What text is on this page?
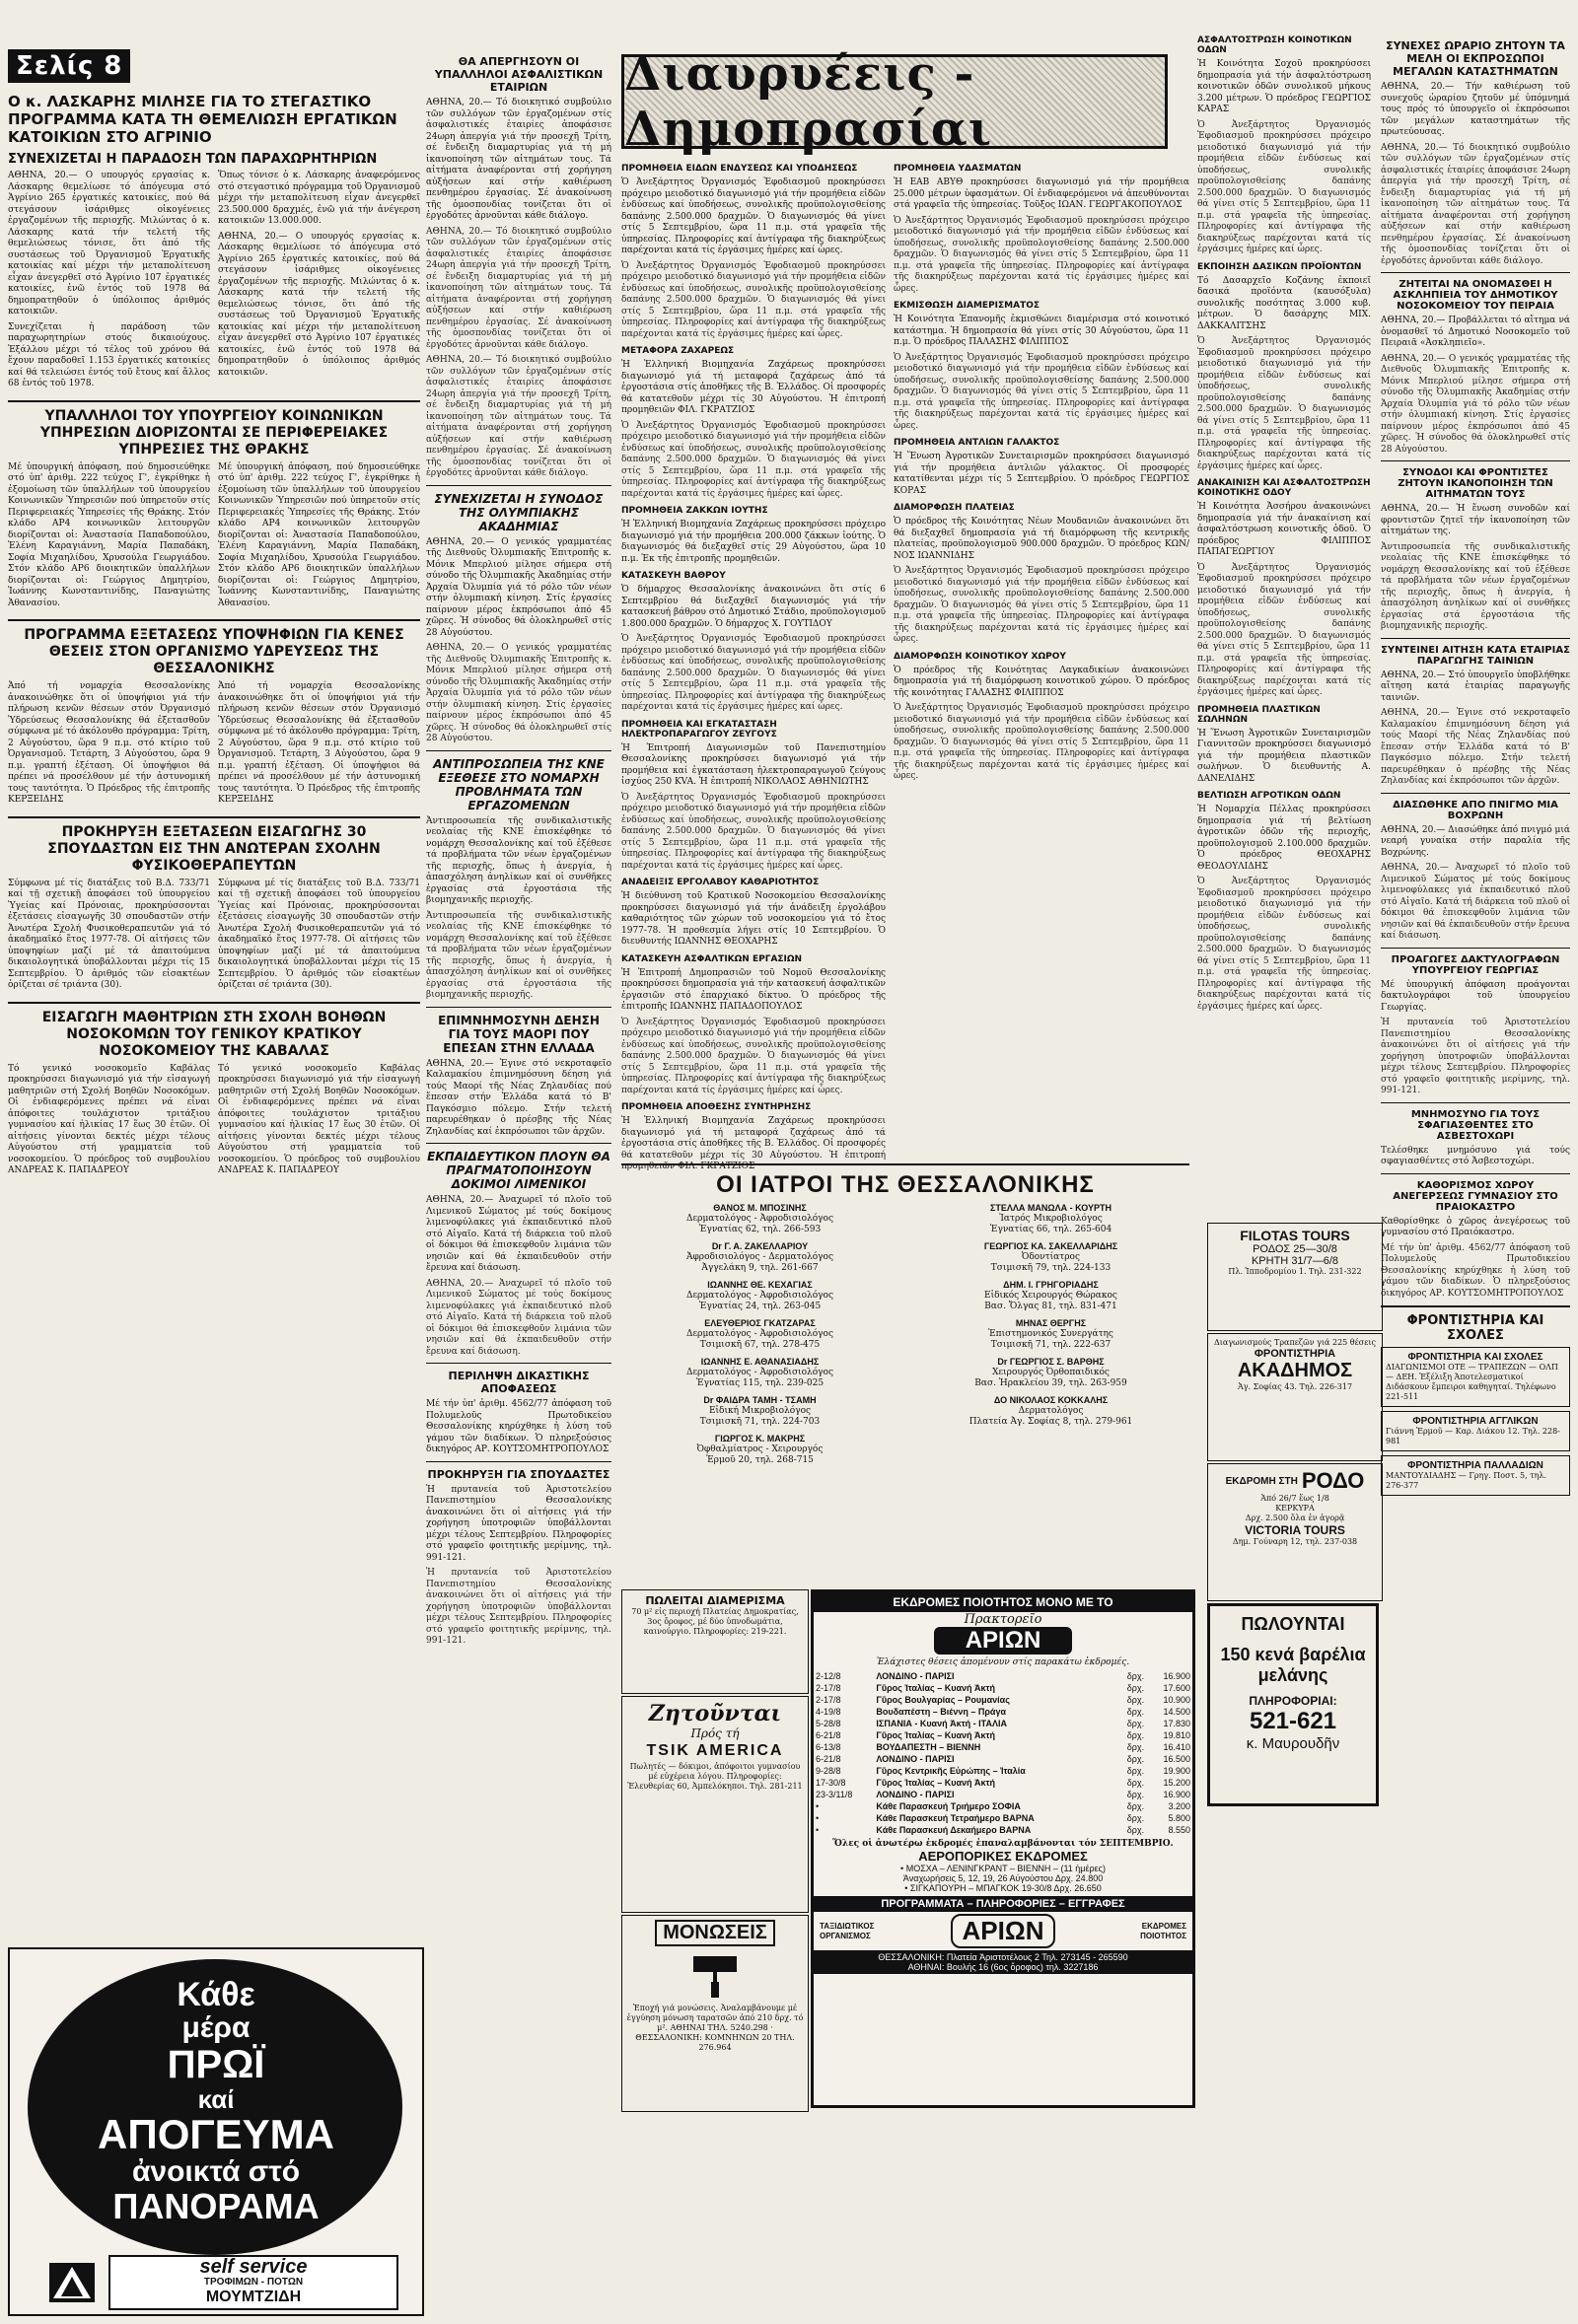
Σελίς 8
Ο κ. ΛΑΣΚΑΡΗΣ ΜΙΛΗΣΕ ΓΙΑ ΤΟ ΣΤΕΓΑΣΤΙΚΟ ΠΡΟΓΡΑΜΜΑ ΚΑΤΑ ΤΗ ΘΕΜΕΛΙΩΣΗ ΕΡΓΑΤΙΚΩΝ ΚΑΤΟΙΚΙΩΝ ΣΤΟ ΑΓΡΙΝΙΟ
ΣΥΝΕΧΙΖΕΤΑΙ Η ΠΑΡΑΔΟΣΗ ΤΩΝ ΠΑΡΑΧΩΡΗΤΗΡΙΩΝ

ΑΘΗΝΑ, 20.— Ο υπουργός εργασίας κ. Λάσκαρης θεμελίωσε τό ἀπόγευμα στό Ἀγρίνιο 265 ἐργατικές κατοικίες, πού θά στεγάσουν ἰσάριθμες οἰκογένειες ἐργαζομένων τῆς περιοχῆς. Μιλώντας ὁ κ. Λάσκαρης κατά τήν τελετή τῆς θεμελιώσεως τόνισε, ὅτι ἀπό τῆς συστάσεως τοῦ Ὀργανισμοῦ Ἐργατικῆς κατοικίας καί μέχρι τήν μεταπολίτευση εἶχαν ἀνεγερθεῖ στό Ἀγρίνιο 107 ἐργατικές κατοικίες, ἐνῶ ἐντός τοῦ 1978 θά δημοπρατηθοῦν ὁ ὑπόλοιπος ἀριθμός κατοικιῶν.

Συνεχίζεται ἡ παράδοση τῶν παραχωρητηρίων στούς δικαιούχους. Ἐξάλλου μέχρι τό τέλος τοῦ χρόνου θά ἔχουν παραδοθεῖ 1.153 ἐργατικές κατοικίες καί θά τελειώσει ἐντός τοῦ ἔτους καί ἄλλος 68 ἐντός τοῦ 1978.

Ὅπως τόνισε ὁ κ. Λάσκαρης ἀναφερόμενος στό στεγαστικό πρόγραμμα τοῦ Ὀργανισμοῦ μέχρι τήν μεταπολίτευση εἶχαν ἀνεγερθεῖ 23.500.000 δραχμές, ἐνῶ γιά τήν ἀνέγερση κατοικιῶν 13.000.000.

ΑΘΗΝΑ, 20.— Ο υπουργός εργασίας κ. Λάσκαρης θεμελίωσε τό ἀπόγευμα στό Ἀγρίνιο 265 ἐργατικές κατοικίες, πού θά στεγάσουν ἰσάριθμες οἰκογένειες ἐργαζομένων τῆς περιοχῆς. Μιλώντας ὁ κ. Λάσκαρης κατά τήν τελετή τῆς θεμελιώσεως τόνισε, ὅτι ἀπό τῆς συστάσεως τοῦ Ὀργανισμοῦ Ἐργατικῆς κατοικίας καί μέχρι τήν μεταπολίτευση εἶχαν ἀνεγερθεῖ στό Ἀγρίνιο 107 ἐργατικές κατοικίες, ἐνῶ ἐντός τοῦ 1978 θά δημοπρατηθοῦν ὁ ὑπόλοιπος ἀριθμός κατοικιῶν.

ΥΠΑΛΛΗΛΟΙ ΤΟΥ ΥΠΟΥΡΓΕΙΟΥ ΚΟΙΝΩΝΙΚΩΝ ΥΠΗΡΕΣΙΩΝ ΔΙΟΡΙΖΟΝΤΑΙ ΣΕ ΠΕΡΙΦΕΡΕΙΑΚΕΣ ΥΠΗΡΕΣΙΕΣ ΤΗΣ ΘΡΑΚΗΣ

Μέ ὑπουργική ἀπόφαση, πού δημοσιεύθηκε στό ὑπ' ἀριθμ. 222 τεύχος Γ', ἐγκρίθηκε ἡ ἐξομοίωση τῶν ὑπαλλήλων τοῦ ὑπουργείου Κοινωνικῶν Ὑπηρεσιῶν πού ὑπηρετοῦν στίς Περιφερειακές Ὑπηρεσίες τῆς Θράκης. Στόν κλάδο ΑΡ4 κοινωνικῶν λειτουργῶν διορίζονται οἱ: Ἀναστασία Παπαδοπούλου, Ἑλένη Καραγιάννη, Μαρία Παπαδάκη, Σοφία Μιχαηλίδου, Χρυσούλα Γεωργιάδου. Στόν κλάδο ΑΡ6 διοικητικῶν ὑπαλλήλων διορίζονται οἱ: Γεώργιος Δημητρίου, Ἰωάννης Κωνσταντινίδης, Παναγιώτης Ἀθανασίου.

Μέ ὑπουργική ἀπόφαση, πού δημοσιεύθηκε στό ὑπ' ἀριθμ. 222 τεύχος Γ', ἐγκρίθηκε ἡ ἐξομοίωση τῶν ὑπαλλήλων τοῦ ὑπουργείου Κοινωνικῶν Ὑπηρεσιῶν πού ὑπηρετοῦν στίς Περιφερειακές Ὑπηρεσίες τῆς Θράκης. Στόν κλάδο ΑΡ4 κοινωνικῶν λειτουργῶν διορίζονται οἱ: Ἀναστασία Παπαδοπούλου, Ἑλένη Καραγιάννη, Μαρία Παπαδάκη, Σοφία Μιχαηλίδου, Χρυσούλα Γεωργιάδου. Στόν κλάδο ΑΡ6 διοικητικῶν ὑπαλλήλων διορίζονται οἱ: Γεώργιος Δημητρίου, Ἰωάννης Κωνσταντινίδης, Παναγιώτης Ἀθανασίου.

ΠΡΟΓΡΑΜΜΑ ΕΞΕΤΑΣΕΩΣ ΥΠΟΨΗΦΙΩΝ ΓΙΑ ΚΕΝΕΣ ΘΕΣΕΙΣ ΣΤΟΝ ΟΡΓΑΝΙΣΜΟ ΥΔΡΕΥΣΕΩΣ ΤΗΣ ΘΕΣΣΑΛΟΝΙΚΗΣ

Ἀπό τή νομαρχία Θεσσαλονίκης ἀνακοινώθηκε ὅτι οἱ ὑποψήφιοι γιά τήν πλήρωση κενῶν θέσεων στόν Ὀργανισμό Ὑδρεύσεως Θεσσαλονίκης θά ἐξετασθοῦν σύμφωνα μέ τό ἀκόλουθο πρόγραμμα: Τρίτη, 2 Αὐγούστου, ὥρα 9 π.μ. στό κτίριο τοῦ Ὀργανισμοῦ. Τετάρτη, 3 Αὐγούστου, ὥρα 9 π.μ. γραπτή ἐξέταση. Οἱ ὑποψήφιοι θά πρέπει νά προσέλθουν μέ τήν ἀστυνομική τους ταυτότητα. Ὁ Πρόεδρος τῆς ἐπιτροπῆς ΚΕΡΞΕΙΔΗΣ

Ἀπό τή νομαρχία Θεσσαλονίκης ἀνακοινώθηκε ὅτι οἱ ὑποψήφιοι γιά τήν πλήρωση κενῶν θέσεων στόν Ὀργανισμό Ὑδρεύσεως Θεσσαλονίκης θά ἐξετασθοῦν σύμφωνα μέ τό ἀκόλουθο πρόγραμμα: Τρίτη, 2 Αὐγούστου, ὥρα 9 π.μ. στό κτίριο τοῦ Ὀργανισμοῦ. Τετάρτη, 3 Αὐγούστου, ὥρα 9 π.μ. γραπτή ἐξέταση. Οἱ ὑποψήφιοι θά πρέπει νά προσέλθουν μέ τήν ἀστυνομική τους ταυτότητα. Ὁ Πρόεδρος τῆς ἐπιτροπῆς ΚΕΡΞΕΙΔΗΣ

ΠΡΟΚΗΡΥΞΗ ΕΞΕΤΑΣΕΩΝ ΕΙΣΑΓΩΓΗΣ 30 ΣΠΟΥΔΑΣΤΩΝ ΕΙΣ ΤΗΝ ΑΝΩΤΕΡΑΝ ΣΧΟΛΗΝ ΦΥΣΙΚΟΘΕΡΑΠΕΥΤΩΝ

Σύμφωνα μέ τίς διατάξεις τοῦ Β.Δ. 733/71 καί τῇ σχετικῇ ἀποφάσει τοῦ ὑπουργείου Ὑγείας καί Πρόνοιας, προκηρύσσονται ἐξετάσεις εἰσαγωγῆς 30 σπουδαστῶν στήν Ἀνωτέρα Σχολή Φυσικοθεραπευτῶν γιά τό ἀκαδημαϊκό ἔτος 1977-78. Οἱ αἰτήσεις τῶν ὑποψηφίων μαζί μέ τά ἀπαιτούμενα δικαιολογητικά ὑποβάλλονται μέχρι τίς 15 Σεπτεμβρίου. Ὁ ἀριθμός τῶν εἰσακτέων ὁρίζεται σέ τριάντα (30).

Σύμφωνα μέ τίς διατάξεις τοῦ Β.Δ. 733/71 καί τῇ σχετικῇ ἀποφάσει τοῦ ὑπουργείου Ὑγείας καί Πρόνοιας, προκηρύσσονται ἐξετάσεις εἰσαγωγῆς 30 σπουδαστῶν στήν Ἀνωτέρα Σχολή Φυσικοθεραπευτῶν γιά τό ἀκαδημαϊκό ἔτος 1977-78. Οἱ αἰτήσεις τῶν ὑποψηφίων μαζί μέ τά ἀπαιτούμενα δικαιολογητικά ὑποβάλλονται μέχρι τίς 15 Σεπτεμβρίου. Ὁ ἀριθμός τῶν εἰσακτέων ὁρίζεται σέ τριάντα (30).

ΕΙΣΑΓΩΓΗ ΜΑΘΗΤΡΙΩΝ ΣΤΗ ΣΧΟΛΗ ΒΟΗΘΩΝ ΝΟΣΟΚΟΜΩΝ ΤΟΥ ΓΕΝΙΚΟΥ ΚΡΑΤΙΚΟΥ ΝΟΣΟΚΟΜΕΙΟΥ ΤΗΣ ΚΑΒΑΛΑΣ

Τό γενικό νοσοκομεῖο Καβάλας προκηρύσσει διαγωνισμό γιά τήν εἰσαγωγή μαθητριῶν στή Σχολή Βοηθῶν Νοσοκόμων. Οἱ ἐνδιαφερόμενες πρέπει νά εἶναι ἀπόφοιτες τουλάχιστον τριτάξιου γυμνασίου καί ἡλικίας 17 ἕως 30 ἐτῶν. Οἱ αἰτήσεις γίνονται δεκτές μέχρι τέλους Αὐγούστου στή γραμματεία τοῦ νοσοκομείου. Ὁ πρόεδρος τοῦ συμβουλίου ΑΝΔΡΕΑΣ Κ. ΠΑΠΑΔΡΕΟΥ

Τό γενικό νοσοκομεῖο Καβάλας προκηρύσσει διαγωνισμό γιά τήν εἰσαγωγή μαθητριῶν στή Σχολή Βοηθῶν Νοσοκόμων. Οἱ ἐνδιαφερόμενες πρέπει νά εἶναι ἀπόφοιτες τουλάχιστον τριτάξιου γυμνασίου καί ἡλικίας 17 ἕως 30 ἐτῶν. Οἱ αἰτήσεις γίνονται δεκτές μέχρι τέλους Αὐγούστου στή γραμματεία τοῦ νοσοκομείου. Ὁ πρόεδρος τοῦ συμβουλίου ΑΝΔΡΕΑΣ Κ. ΠΑΠΑΔΡΕΟΥ

Κάθε
μέρα
ΠΡΩΪ
καί
ΑΠΟΓΕΥΜΑ
ἀνοικτά στό
ΠΑΝΟΡΑΜΑ
self service
ΤΡΟΦΙΜΩΝ - ΠΟΤΩΝ
ΜΟΥΜΤΖΙΔΗ
ΘΑ ΑΠΕΡΓΗΣΟΥΝ ΟΙ ΥΠΑΛΛΗΛΟΙ ΑΣΦΑΛΙΣΤΙΚΩΝ ΕΤΑΙΡΙΩΝ

ΑΘΗΝΑ, 20.— Τό διοικητικό συμβούλιο τῶν συλλόγων τῶν ἐργαζομένων στίς ἀσφαλιστικές ἑταιρίες ἀποφάσισε 24ωρη ἀπεργία γιά τήν προσεχῆ Τρίτη, σέ ἔνδειξη διαμαρτυρίας γιά τή μή ἱκανοποίηση τῶν αἰτημάτων τους. Τά αἰτήματα ἀναφέρονται στή χορήγηση αὐξήσεων καί στήν καθιέρωση πενθημέρου ἐργασίας. Σέ ἀνακοίνωση τῆς ὁμοσπονδίας τονίζεται ὅτι οἱ ἐργοδότες ἀρνοῦνται κάθε διάλογο.

ΑΘΗΝΑ, 20.— Τό διοικητικό συμβούλιο τῶν συλλόγων τῶν ἐργαζομένων στίς ἀσφαλιστικές ἑταιρίες ἀποφάσισε 24ωρη ἀπεργία γιά τήν προσεχῆ Τρίτη, σέ ἔνδειξη διαμαρτυρίας γιά τή μή ἱκανοποίηση τῶν αἰτημάτων τους. Τά αἰτήματα ἀναφέρονται στή χορήγηση αὐξήσεων καί στήν καθιέρωση πενθημέρου ἐργασίας. Σέ ἀνακοίνωση τῆς ὁμοσπονδίας τονίζεται ὅτι οἱ ἐργοδότες ἀρνοῦνται κάθε διάλογο.

ΑΘΗΝΑ, 20.— Τό διοικητικό συμβούλιο τῶν συλλόγων τῶν ἐργαζομένων στίς ἀσφαλιστικές ἑταιρίες ἀποφάσισε 24ωρη ἀπεργία γιά τήν προσεχῆ Τρίτη, σέ ἔνδειξη διαμαρτυρίας γιά τή μή ἱκανοποίηση τῶν αἰτημάτων τους. Τά αἰτήματα ἀναφέρονται στή χορήγηση αὐξήσεων καί στήν καθιέρωση πενθημέρου ἐργασίας. Σέ ἀνακοίνωση τῆς ὁμοσπονδίας τονίζεται ὅτι οἱ ἐργοδότες ἀρνοῦνται κάθε διάλογο.

ΣΥΝΕΧΙΖΕΤΑΙ Η ΣΥΝΟΔΟΣ ΤΗΣ ΟΛΥΜΠΙΑΚΗΣ ΑΚΑΔΗΜΙΑΣ

ΑΘΗΝΑ, 20.— Ο γενικός γραμματέας τῆς Διεθνοῦς Ὀλυμπιακῆς Ἐπιτροπῆς κ. Μόνικ Μπερλιού μίλησε σήμερα στή σύνοδο τῆς Ὀλυμπιακῆς Ἀκαδημίας στήν Ἀρχαία Ὀλυμπία γιά τό ρόλο τῶν νέων στήν ὀλυμπιακή κίνηση. Στίς ἐργασίες παίρνουν μέρος ἐκπρόσωποι ἀπό 45 χῶρες. Ἡ σύνοδος θά ὁλοκληρωθεῖ στίς 28 Αὐγούστου.

ΑΘΗΝΑ, 20.— Ο γενικός γραμματέας τῆς Διεθνοῦς Ὀλυμπιακῆς Ἐπιτροπῆς κ. Μόνικ Μπερλιού μίλησε σήμερα στή σύνοδο τῆς Ὀλυμπιακῆς Ἀκαδημίας στήν Ἀρχαία Ὀλυμπία γιά τό ρόλο τῶν νέων στήν ὀλυμπιακή κίνηση. Στίς ἐργασίες παίρνουν μέρος ἐκπρόσωποι ἀπό 45 χῶρες. Ἡ σύνοδος θά ὁλοκληρωθεῖ στίς 28 Αὐγούστου.

ΑΝΤΙΠΡΟΣΩΠΕΙΑ ΤΗΣ ΚΝΕ ΕΞΕΘΕΣΕ ΣΤΟ ΝΟΜΑΡΧΗ ΠΡΟΒΛΗΜΑΤΑ ΤΩΝ ΕΡΓΑΖΟΜΕΝΩΝ

Ἀντιπροσωπεία τῆς συνδικαλιστικῆς νεολαίας τῆς ΚΝΕ ἐπισκέφθηκε τό νομάρχη Θεσσαλονίκης καί τοῦ ἐξέθεσε τά προβλήματα τῶν νέων ἐργαζομένων τῆς περιοχῆς, ὅπως ἡ ἀνεργία, ἡ ἀπασχόληση ἀνηλίκων καί οἱ συνθῆκες ἐργασίας στά ἐργοστάσια τῆς βιομηχανικῆς περιοχῆς.

Ἀντιπροσωπεία τῆς συνδικαλιστικῆς νεολαίας τῆς ΚΝΕ ἐπισκέφθηκε τό νομάρχη Θεσσαλονίκης καί τοῦ ἐξέθεσε τά προβλήματα τῶν νέων ἐργαζομένων τῆς περιοχῆς, ὅπως ἡ ἀνεργία, ἡ ἀπασχόληση ἀνηλίκων καί οἱ συνθῆκες ἐργασίας στά ἐργοστάσια τῆς βιομηχανικῆς περιοχῆς.

ΕΠΙΜΝΗΜΟΣΥΝΗ ΔΕΗΣΗ ΓΙΑ ΤΟΥΣ ΜΑΟΡΙ ΠΟΥ ΕΠΕΣΑΝ ΣΤΗΝ ΕΛΛΑΔΑ

ΑΘΗΝΑ, 20.— Ἐγινε στό νεκροταφεῖο Καλαμακίου ἐπιμνημόσυνη δέηση γιά τούς Μαορί τῆς Νέας Ζηλανδίας πού ἔπεσαν στήν Ἑλλάδα κατά τό Β' Παγκόσμιο πόλεμο. Στήν τελετή παρευρέθηκαν ὁ πρέσβης τῆς Νέας Ζηλανδίας καί ἐκπρόσωποι τῶν ἀρχῶν.

ΕΚΠΑΙΔΕΥΤΙΚΟΝ ΠΛΟΥΝ ΘΑ ΠΡΑΓΜΑΤΟΠΟΙΗΣΟΥΝ ΔΟΚΙΜΟΙ ΛΙΜΕΝΙΚΟΙ

ΑΘΗΝΑ, 20.— Ἀναχωρεῖ τό πλοῖο τοῦ Λιμενικοῦ Σώματος μέ τούς δοκίμους λιμενοφύλακες γιά ἐκπαιδευτικό πλοῦ στό Αἰγαῖο. Κατά τή διάρκεια τοῦ πλοῦ οἱ δόκιμοι θά ἐπισκεφθοῦν λιμάνια τῶν νησιῶν καί θά ἐκπαιδευθοῦν στήν ἔρευνα καί διάσωση.

ΑΘΗΝΑ, 20.— Ἀναχωρεῖ τό πλοῖο τοῦ Λιμενικοῦ Σώματος μέ τούς δοκίμους λιμενοφύλακες γιά ἐκπαιδευτικό πλοῦ στό Αἰγαῖο. Κατά τή διάρκεια τοῦ πλοῦ οἱ δόκιμοι θά ἐπισκεφθοῦν λιμάνια τῶν νησιῶν καί θά ἐκπαιδευθοῦν στήν ἔρευνα καί διάσωση.

ΠΕΡΙΛΗΨΗ ΔΙΚΑΣΤΙΚΗΣ ΑΠΟΦΑΣΕΩΣ

Μέ τήν ὑπ' ἀριθμ. 4562/77 ἀπόφαση τοῦ Πολυμελοῦς Πρωτοδικείου Θεσσαλονίκης κηρύχθηκε ἡ λύση τοῦ γάμου τῶν διαδίκων. Ὁ πληρεξούσιος δικηγόρος ΑΡ. ΚΟΥΤΣΟΜΗΤΡΟΠΟΥΛΟΣ

ΠΡΟΚΗΡΥΞΗ ΓΙΑ ΣΠΟΥΔΑΣΤΕΣ

Ἡ πρυτανεία τοῦ Ἀριστοτελείου Πανεπιστημίου Θεσσαλονίκης ἀνακοινώνει ὅτι οἱ αἰτήσεις γιά τήν χορήγηση ὑποτροφιῶν ὑποβάλλονται μέχρι τέλους Σεπτεμβρίου. Πληροφορίες στό γραφεῖο φοιτητικῆς μερίμνης, τηλ. 991-121.

Ἡ πρυτανεία τοῦ Ἀριστοτελείου Πανεπιστημίου Θεσσαλονίκης ἀνακοινώνει ὅτι οἱ αἰτήσεις γιά τήν χορήγηση ὑποτροφιῶν ὑποβάλλονται μέχρι τέλους Σεπτεμβρίου. Πληροφορίες στό γραφεῖο φοιτητικῆς μερίμνης, τηλ. 991-121.

Διαυρυέεις - Δημοπρασίαι
ΠΡΟΜΗΘΕΙΑ ΕΙΔΩΝ ΕΝΔΥΣΕΩΣ ΚΑΙ ΥΠΟΔΗΣΕΩΣ

Ὁ Ἀνεξάρτητος Ὀργανισμός Ἐφοδιασμοῦ προκηρύσσει πρόχειρο μειοδοτικό διαγωνισμό γιά τήν προμήθεια εἰδῶν ἐνδύσεως καί ὑποδήσεως, συνολικῆς προϋπολογισθείσης δαπάνης 2.500.000 δραχμῶν. Ὁ διαγωνισμός θά γίνει στίς 5 Σεπτεμβρίου, ὥρα 11 π.μ. στά γραφεῖα τῆς ὑπηρεσίας. Πληροφορίες καί ἀντίγραφα τῆς διακηρύξεως παρέχονται κατά τίς ἐργάσιμες ἡμέρες καί ὧρες.

Ὁ Ἀνεξάρτητος Ὀργανισμός Ἐφοδιασμοῦ προκηρύσσει πρόχειρο μειοδοτικό διαγωνισμό γιά τήν προμήθεια εἰδῶν ἐνδύσεως καί ὑποδήσεως, συνολικῆς προϋπολογισθείσης δαπάνης 2.500.000 δραχμῶν. Ὁ διαγωνισμός θά γίνει στίς 5 Σεπτεμβρίου, ὥρα 11 π.μ. στά γραφεῖα τῆς ὑπηρεσίας. Πληροφορίες καί ἀντίγραφα τῆς διακηρύξεως παρέχονται κατά τίς ἐργάσιμες ἡμέρες καί ὧρες.

ΜΕΤΑΦΟΡΑ ΖΑΧΑΡΕΩΣ

Ἡ Ἑλληνική Βιομηχανία Ζαχάρεως προκηρύσσει διαγωνισμό γιά τή μεταφορά ζαχάρεως ἀπό τά ἐργοστάσια στίς ἀποθῆκες τῆς Β. Ἑλλάδος. Οἱ προσφορές θά κατατεθοῦν μέχρι τίς 30 Αὐγούστου. Ἡ ἐπιτροπή προμηθειῶν ΦΙΛ. ΓΚΡΑΤΖΙΟΣ

Ὁ Ἀνεξάρτητος Ὀργανισμός Ἐφοδιασμοῦ προκηρύσσει πρόχειρο μειοδοτικό διαγωνισμό γιά τήν προμήθεια εἰδῶν ἐνδύσεως καί ὑποδήσεως, συνολικῆς προϋπολογισθείσης δαπάνης 2.500.000 δραχμῶν. Ὁ διαγωνισμός θά γίνει στίς 5 Σεπτεμβρίου, ὥρα 11 π.μ. στά γραφεῖα τῆς ὑπηρεσίας. Πληροφορίες καί ἀντίγραφα τῆς διακηρύξεως παρέχονται κατά τίς ἐργάσιμες ἡμέρες καί ὧρες.

ΠΡΟΜΗΘΕΙΑ ΖΑΚΚΩΝ ΙΟΥΤΗΣ

Ἡ Ἑλληνική Βιομηχανία Ζαχάρεως προκηρύσσει πρόχειρο διαγωνισμό γιά τήν προμήθεια 200.000 ζάκκων ἰούτης. Ὁ διαγωνισμός θά διεξαχθεῖ στίς 29 Αὐγούστου, ὥρα 10 π.μ. Ἐκ τῆς ἐπιτροπῆς προμηθειῶν.

ΚΑΤΑΣΚΕΥΗ ΒΑΘΡΟΥ

Ὁ δήμαρχος Θεσσαλονίκης ἀνακοινώνει ὅτι στίς 6 Σεπτεμβρίου θά διεξαχθεῖ διαγωνισμός γιά τήν κατασκευή βάθρου στό Δημοτικό Στάδιο, προϋπολογισμοῦ 1.800.000 δραχμῶν. Ὁ δήμαρχος Χ. ΓΟΥΤΙΔΟΥ

Ὁ Ἀνεξάρτητος Ὀργανισμός Ἐφοδιασμοῦ προκηρύσσει πρόχειρο μειοδοτικό διαγωνισμό γιά τήν προμήθεια εἰδῶν ἐνδύσεως καί ὑποδήσεως, συνολικῆς προϋπολογισθείσης δαπάνης 2.500.000 δραχμῶν. Ὁ διαγωνισμός θά γίνει στίς 5 Σεπτεμβρίου, ὥρα 11 π.μ. στά γραφεῖα τῆς ὑπηρεσίας. Πληροφορίες καί ἀντίγραφα τῆς διακηρύξεως παρέχονται κατά τίς ἐργάσιμες ἡμέρες καί ὧρες.

ΠΡΟΜΗΘΕΙΑ ΚΑΙ ΕΓΚΑΤΑΣΤΑΣΗ ΗΛΕΚΤΡΟΠΑΡΑΓΩΓΟΥ ΖΕΥΓΟΥΣ

Ἡ Ἐπιτροπή Διαγωνισμῶν τοῦ Πανεπιστημίου Θεσσαλονίκης προκηρύσσει διαγωνισμό γιά τήν προμήθεια καί ἐγκατάσταση ἠλεκτροπαραγωγοῦ ζεύγους ἰσχύος 250 KVA. Ἡ ἐπιτροπή ΝΙΚΟΛΑΟΣ ΑΘΗΝΙΩΤΗΣ

Ὁ Ἀνεξάρτητος Ὀργανισμός Ἐφοδιασμοῦ προκηρύσσει πρόχειρο μειοδοτικό διαγωνισμό γιά τήν προμήθεια εἰδῶν ἐνδύσεως καί ὑποδήσεως, συνολικῆς προϋπολογισθείσης δαπάνης 2.500.000 δραχμῶν. Ὁ διαγωνισμός θά γίνει στίς 5 Σεπτεμβρίου, ὥρα 11 π.μ. στά γραφεῖα τῆς ὑπηρεσίας. Πληροφορίες καί ἀντίγραφα τῆς διακηρύξεως παρέχονται κατά τίς ἐργάσιμες ἡμέρες καί ὧρες.

ΑΝΑΔΕΙΞΙΣ ΕΡΓΟΛΑΒΟΥ ΚΑΘΑΡΙΟΤΗΤΟΣ

Ἡ διεύθυνση τοῦ Κρατικοῦ Νοσοκομείου Θεσσαλονίκης προκηρύσσει διαγωνισμό γιά τήν ἀνάδειξη ἐργολάβου καθαριότητος τῶν χώρων τοῦ νοσοκομείου γιά τό ἔτος 1977-78. Ἡ προθεσμία λήγει στίς 10 Σεπτεμβρίου. Ὁ διευθυντής ΙΩΑΝΝΗΣ ΘΕΟΧΑΡΗΣ

ΚΑΤΑΣΚΕΥΗ ΑΣΦΑΛΤΙΚΩΝ ΕΡΓΑΣΙΩΝ

Ἡ Ἐπιτροπή Δημοπρασιῶν τοῦ Νομοῦ Θεσσαλονίκης προκηρύσσει δημοπρασία γιά τήν κατασκευή ἀσφαλτικῶν ἐργασιῶν στό ἐπαρχιακό δίκτυο. Ὁ πρόεδρος τῆς ἐπιτροπῆς ΙΩΑΝΝΗΣ ΠΑΠΑΔΟΠΟΥΛΟΣ

Ὁ Ἀνεξάρτητος Ὀργανισμός Ἐφοδιασμοῦ προκηρύσσει πρόχειρο μειοδοτικό διαγωνισμό γιά τήν προμήθεια εἰδῶν ἐνδύσεως καί ὑποδήσεως, συνολικῆς προϋπολογισθείσης δαπάνης 2.500.000 δραχμῶν. Ὁ διαγωνισμός θά γίνει στίς 5 Σεπτεμβρίου, ὥρα 11 π.μ. στά γραφεῖα τῆς ὑπηρεσίας. Πληροφορίες καί ἀντίγραφα τῆς διακηρύξεως παρέχονται κατά τίς ἐργάσιμες ἡμέρες καί ὧρες.

ΠΡΟΜΗΘΕΙΑ ΑΠΟΘΕΣΗΣ ΣΥΝΤΗΡΗΣΗΣ

Ἡ Ἑλληνική Βιομηχανία Ζαχάρεως προκηρύσσει διαγωνισμό γιά τή μεταφορά ζαχάρεως ἀπό τά ἐργοστάσια στίς ἀποθῆκες τῆς Β. Ἑλλάδος. Οἱ προσφορές θά κατατεθοῦν μέχρι τίς 30 Αὐγούστου. Ἡ ἐπιτροπή προμηθειῶν ΦΙΛ. ΓΚΡΑΤΖΙΟΣ

ΠΡΟΜΗΘΕΙΑ ΥΔΑΣΜΑΤΩΝ

Ἡ ΕΑΒ ΑΒΥΘ προκηρύσσει διαγωνισμό γιά τήν προμήθεια 25.000 μέτρων ὑφασμάτων. Οἱ ἐνδιαφερόμενοι νά ἀπευθύνονται στά γραφεῖα τῆς ὑπηρεσίας. Τοῦξος ΙΩΑΝ. ΓΕΩΡΓΑΚΟΠΟΥΛΟΣ

Ὁ Ἀνεξάρτητος Ὀργανισμός Ἐφοδιασμοῦ προκηρύσσει πρόχειρο μειοδοτικό διαγωνισμό γιά τήν προμήθεια εἰδῶν ἐνδύσεως καί ὑποδήσεως, συνολικῆς προϋπολογισθείσης δαπάνης 2.500.000 δραχμῶν. Ὁ διαγωνισμός θά γίνει στίς 5 Σεπτεμβρίου, ὥρα 11 π.μ. στά γραφεῖα τῆς ὑπηρεσίας. Πληροφορίες καί ἀντίγραφα τῆς διακηρύξεως παρέχονται κατά τίς ἐργάσιμες ἡμέρες καί ὧρες.

ΕΚΜΙΣΘΩΣΗ ΔΙΑΜΕΡΙΣΜΑΤΟΣ

Ἡ Κοινότητα Ἐπανομῆς ἐκμισθώνει διαμέρισμα στό κοινοτικό κατάστημα. Ἡ δημοπρασία θά γίνει στίς 30 Αὐγούστου, ὥρα 11 π.μ. Ὁ πρόεδρος ΠΑΛΑΣΗΣ ΦΙΛΙΠΠΟΣ

Ὁ Ἀνεξάρτητος Ὀργανισμός Ἐφοδιασμοῦ προκηρύσσει πρόχειρο μειοδοτικό διαγωνισμό γιά τήν προμήθεια εἰδῶν ἐνδύσεως καί ὑποδήσεως, συνολικῆς προϋπολογισθείσης δαπάνης 2.500.000 δραχμῶν. Ὁ διαγωνισμός θά γίνει στίς 5 Σεπτεμβρίου, ὥρα 11 π.μ. στά γραφεῖα τῆς ὑπηρεσίας. Πληροφορίες καί ἀντίγραφα τῆς διακηρύξεως παρέχονται κατά τίς ἐργάσιμες ἡμέρες καί ὧρες.

ΠΡΟΜΗΘΕΙΑ ΑΝΤΛΙΩΝ ΓΑΛΑΚΤΟΣ

Ἡ Ἕνωση Ἀγροτικῶν Συνεταιρισμῶν προκηρύσσει διαγωνισμό γιά τήν προμήθεια ἀντλιῶν γάλακτος. Οἱ προσφορές κατατίθενται μέχρι τίς 5 Σεπτεμβρίου. Ὁ πρόεδρος ΓΕΩΡΓΙΟΣ ΚΟΡΑΣ

ΔΙΑΜΟΡΦΩΣΗ ΠΛΑΤΕΙΑΣ

Ὁ πρόεδρος τῆς Κοινότητας Νέων Μουδανιῶν ἀνακοινώνει ὅτι θά διεξαχθεῖ δημοπρασία γιά τή διαμόρφωση τῆς κεντρικῆς πλατείας, προϋπολογισμοῦ 900.000 δραχμῶν. Ὁ πρόεδρος ΚΩΝ/ΝΟΣ ΙΩΑΝΝΙΔΗΣ

Ὁ Ἀνεξάρτητος Ὀργανισμός Ἐφοδιασμοῦ προκηρύσσει πρόχειρο μειοδοτικό διαγωνισμό γιά τήν προμήθεια εἰδῶν ἐνδύσεως καί ὑποδήσεως, συνολικῆς προϋπολογισθείσης δαπάνης 2.500.000 δραχμῶν. Ὁ διαγωνισμός θά γίνει στίς 5 Σεπτεμβρίου, ὥρα 11 π.μ. στά γραφεῖα τῆς ὑπηρεσίας. Πληροφορίες καί ἀντίγραφα τῆς διακηρύξεως παρέχονται κατά τίς ἐργάσιμες ἡμέρες καί ὧρες.

ΔΙΑΜΟΡΦΩΣΗ ΚΟΙΝΟΤΙΚΟΥ ΧΩΡΟΥ

Ὁ πρόεδρος τῆς Κοινότητας Λαγκαδικίων ἀνακοινώνει δημοπρασία γιά τή διαμόρφωση κοινοτικοῦ χώρου. Ὁ πρόεδρος τῆς κοινότητας ΓΑΛΑΣΗΣ ΦΙΛΙΠΠΟΣ

Ὁ Ἀνεξάρτητος Ὀργανισμός Ἐφοδιασμοῦ προκηρύσσει πρόχειρο μειοδοτικό διαγωνισμό γιά τήν προμήθεια εἰδῶν ἐνδύσεως καί ὑποδήσεως, συνολικῆς προϋπολογισθείσης δαπάνης 2.500.000 δραχμῶν. Ὁ διαγωνισμός θά γίνει στίς 5 Σεπτεμβρίου, ὥρα 11 π.μ. στά γραφεῖα τῆς ὑπηρεσίας. Πληροφορίες καί ἀντίγραφα τῆς διακηρύξεως παρέχονται κατά τίς ἐργάσιμες ἡμέρες καί ὧρες.

ΟΙ ΙΑΤΡΟΙ ΤΗΣ ΘΕΣΣΑΛΟΝΙΚΗΣ
ΘΑΝΟΣ Μ. ΜΠΟΣΙΝΗΣ
Δερματολόγος - Ἀφροδισιολόγος
Ἐγνατίας 62, τηλ. 266-593
Dr Γ. Α. ΖΑΚΕΛΛΑΡΙΟΥ
Ἀφροδισιολόγος - Δερματολόγος
Ἀγγελάκη 9, τηλ. 261-667
ΙΩΑΝΝΗΣ ΘΕ. ΚΕΧΑΓΙΑΣ
Δερματολόγος - Ἀφροδισιολόγος
Ἐγνατίας 24, τηλ. 263-045
ΕΛΕΥΘΕΡΙΟΣ ΓΚΑΤΖΑΡΑΣ
Δερματολόγος - Ἀφροδισιολόγος
Τσιμισκῆ 67, τηλ. 278-475
ΙΩΑΝΝΗΣ Ε. ΑΘΑΝΑΣΙΑΔΗΣ
Δερματολόγος - Ἀφροδισιολόγος
Ἐγνατίας 115, τηλ. 239-025
Dr ΦΑΙΔΡΑ ΤΑΜΗ - ΤΣΑΜΗ
Εἰδική Μικροβιολόγος
Τσιμισκῆ 71, τηλ. 224-703
ΓΙΩΡΓΟΣ Κ. ΜΑΚΡΗΣ
Ὀφθαλμίατρος - Χειρουργός
Ἑρμοῦ 20, τηλ. 268-715
ΣΤΕΛΛΑ ΜΑΝΩΛΑ - ΚΟΥΡΤΗ
Ἰατρός Μικροβιολόγος
Ἐγνατίας 66, τηλ. 265-604
ΓΕΩΡΓΙΟΣ ΚΑ. ΣΑΚΕΛΛΑΡΙΔΗΣ
Ὀδοντίατρος
Τσιμισκῆ 79, τηλ. 224-133
ΔΗΜ. Ι. ΓΡΗΓΟΡΙΑΔΗΣ
Εἰδικός Χειρουργός Θώρακος
Βασ. Ὄλγας 81, τηλ. 831-471
ΜΗΝΑΣ ΘΕΡΓΗΣ
Ἐπιστημονικός Συνεργάτης
Τσιμισκῆ 71, τηλ. 222-637
Dr ΓΕΩΡΓΙΟΣ Σ. ΒΑΡΘΗΣ
Χειρουργός Ὀρθοπαιδικός
Βασ. Ἡρακλείου 39, τηλ. 263-959
ΔΟ ΝΙΚΟΛΑΟΣ ΚΟΚΚΑΛΗΣ
Δερματολόγος
Πλατεία Ἀγ. Σοφίας 8, τηλ. 279-961
ΠΩΛΕΙΤΑΙ ΔΙΑΜΕΡΙΣΜΑ
70 μ² εἰς περιοχή Πλατείας Δημοκρατίας, 3ος ὄροφος, μέ δύο ὑπνοδωμάτια, καινούργιο. Πληροφορίες: 219-221.
Ζητοῦνται
Πρός τή
TSIK AMERICA
Πωλητές — δόκιμοι, ἀπόφοιτοι γυμνασίου μέ εὐχέρεια λόγου. Πληροφορίες: Ἐλευθερίας 60, Ἀμπελόκηποι. Τηλ. 281-211
ΜΟΝΩΣΕΙΣ
Ἐποχή γιά μονώσεις. Ἀναλαμβάνουμε μέ ἐγγύηση μόνωση ταρατσῶν ἀπό 210 δρχ. τό μ². ΑΘΗΝΑΙ ΤΗΛ. 5240.298 · ΘΕΣΣΑΛΟΝΙΚΗ: ΚΟΜΝΗΝΩΝ 20 ΤΗΛ. 276.964
ΕΚΔΡΟΜΕΣ ΠΟΙΟΤΗΤΟΣ ΜΟΝΟ ΜΕ ΤΟ
Πρακτορεῖο
ΑΡΙΩΝ
Ἐλάχιστες θέσεις ἀπομένουν στίς παρακάτω ἐκδρομές.
2-12/8	ΛΟΝΔΙΝΟ - ΠΑΡΙΣΙ	δρχ.	16.900
2-17/8	Γῦρος Ἰταλίας – Κυανή Ἀκτή	δρχ.	17.600
2-17/8	Γῦρος Βουλγαρίας – Ρουμανίας	δρχ.	10.900
4-19/8	Βουδαπέστη – Βιέννη – Πράγα	δρχ.	14.500
5-28/8	ΙΣΠΑΝΙΑ - Κυανή Ἀκτή - ΙΤΑΛΙΑ	δρχ.	17.830
6-21/8	Γῦρος Ἰταλίας – Κυανή Ἀκτή	δρχ.	19.810
6-13/8	ΒΟΥΔΑΠΕΣΤΗ – ΒΙΕΝΝΗ	δρχ.	16.410
6-21/8	ΛΟΝΔΙΝΟ - ΠΑΡΙΣΙ	δρχ.	16.500
9-28/8	Γῦρος Κεντρικῆς Εὐρώπης – Ἰταλία	δρχ.	19.900
17-30/8	Γῦρος Ἰταλίας – Κυανή Ἀκτή	δρχ.	15.200
23-3/11/8	ΛΟΝΔΙΝΟ - ΠΑΡΙΣΙ	δρχ.	16.900
•	Κάθε Παρασκευή Τριήμερο ΣΟΦΙΑ	δρχ.	3.200
•	Κάθε Παρασκευή Τετραήμερο ΒΑΡΝΑ	δρχ.	5.800
•	Κάθε Παρασκευή Δεκαήμερο ΒΑΡΝΑ	δρχ.	8.550
Ὅλες οἱ ἀνωτέρω ἐκδρομές ἐπαναλαμβάνονται τόν ΣΕΠΤΕΜΒΡΙΟ.
ΑΕΡΟΠΟΡΙΚΕΣ ΕΚΔΡΟΜΕΣ
• ΜΟΣΧΑ – ΛΕΝΙΝΓΚΡΑΝΤ – ΒΙΕΝΝΗ – (11 ἡμέρες)
Ἀναχωρήσεις 5, 12, 19, 26 Αὐγούστου Δρχ. 24.800
• ΣΙΓΚΑΠΟΥΡΗ – ΜΠΑΓΚΟΚ 19-30/8 Δρχ. 26.650
ΠΡΟΓΡΑΜΜΑΤΑ – ΠΛΗΡΟΦΟΡΙΕΣ – ΕΓΓΡΑΦΕΣ
ΤΑΞΙΔΙΩΤΙΚΟΣ ΟΡΓΑΝΙΣΜΟΣ	ΑΡΙΩΝ	ΕΚΔΡΟΜΕΣ ΠΟΙΟΤΗΤΟΣ
ΘΕΣΣΑΛΟΝΙΚΗ: Πλατεία Ἀριστοτέλους 2 Τηλ. 273145 - 265590
ΑΘΗΝΑΙ: Βουλής 16 (6ος ὄροφος) τηλ. 3227186
ΑΣΦΑΛΤΟΣΤΡΩΣΗ ΚΟΙΝΟΤΙΚΩΝ ΟΔΩΝ

Ἡ Κοινότητα Σοχοῦ προκηρύσσει δημοπρασία γιά τήν ἀσφαλτόστρωση κοινοτικῶν ὁδῶν συνολικοῦ μήκους 3.200 μέτρων. Ὁ πρόεδρος ΓΕΩΡΓΙΟΣ ΚΑΡΑΣ

Ὁ Ἀνεξάρτητος Ὀργανισμός Ἐφοδιασμοῦ προκηρύσσει πρόχειρο μειοδοτικό διαγωνισμό γιά τήν προμήθεια εἰδῶν ἐνδύσεως καί ὑποδήσεως, συνολικῆς προϋπολογισθείσης δαπάνης 2.500.000 δραχμῶν. Ὁ διαγωνισμός θά γίνει στίς 5 Σεπτεμβρίου, ὥρα 11 π.μ. στά γραφεῖα τῆς ὑπηρεσίας. Πληροφορίες καί ἀντίγραφα τῆς διακηρύξεως παρέχονται κατά τίς ἐργάσιμες ἡμέρες καί ὧρες.

ΕΚΠΟΙΗΣΗ ΔΑΣΙΚΩΝ ΠΡΟΪΟΝΤΩΝ

Τό Δασαρχεῖο Κοζάνης ἐκποιεῖ δασικά προϊόντα (καυσόξυλα) συνολικῆς ποσότητας 3.000 κυβ. μέτρων. Ὁ δασάρχης ΜΙΧ. ΔΑΚΚΑΛΙΤΣΗΣ

Ὁ Ἀνεξάρτητος Ὀργανισμός Ἐφοδιασμοῦ προκηρύσσει πρόχειρο μειοδοτικό διαγωνισμό γιά τήν προμήθεια εἰδῶν ἐνδύσεως καί ὑποδήσεως, συνολικῆς προϋπολογισθείσης δαπάνης 2.500.000 δραχμῶν. Ὁ διαγωνισμός θά γίνει στίς 5 Σεπτεμβρίου, ὥρα 11 π.μ. στά γραφεῖα τῆς ὑπηρεσίας. Πληροφορίες καί ἀντίγραφα τῆς διακηρύξεως παρέχονται κατά τίς ἐργάσιμες ἡμέρες καί ὧρες.

ΑΝΑΚΑΙΝΙΣΗ ΚΑΙ ΑΣΦΑΛΤΟΣΤΡΩΣΗ ΚΟΙΝΟΤΙΚΗΣ ΟΔΟΥ

Ἡ Κοινότητα Ἀσσήρου ἀνακοινώνει δημοπρασία γιά τήν ἀνακαίνιση καί ἀσφαλτόστρωση κοινοτικῆς ὁδοῦ. Ὁ πρόεδρος ΦΙΛΙΠΠΟΣ ΠΑΠΑΓΕΩΡΓΙΟΥ

Ὁ Ἀνεξάρτητος Ὀργανισμός Ἐφοδιασμοῦ προκηρύσσει πρόχειρο μειοδοτικό διαγωνισμό γιά τήν προμήθεια εἰδῶν ἐνδύσεως καί ὑποδήσεως, συνολικῆς προϋπολογισθείσης δαπάνης 2.500.000 δραχμῶν. Ὁ διαγωνισμός θά γίνει στίς 5 Σεπτεμβρίου, ὥρα 11 π.μ. στά γραφεῖα τῆς ὑπηρεσίας. Πληροφορίες καί ἀντίγραφα τῆς διακηρύξεως παρέχονται κατά τίς ἐργάσιμες ἡμέρες καί ὧρες.

ΠΡΟΜΗΘΕΙΑ ΠΛΑΣΤΙΚΩΝ ΣΩΛΗΝΩΝ

Ἡ Ἕνωση Ἀγροτικῶν Συνεταιρισμῶν Γιαννιτσῶν προκηρύσσει διαγωνισμό γιά τήν προμήθεια πλαστικῶν σωλήνων. Ὁ διευθυντής Α. ΔΑΝΕΛΙΔΗΣ

ΒΕΛΤΙΩΣΗ ΑΓΡΟΤΙΚΩΝ ΟΔΩΝ

Ἡ Νομαρχία Πέλλας προκηρύσσει δημοπρασία γιά τή βελτίωση ἀγροτικῶν ὁδῶν τῆς περιοχῆς, προϋπολογισμοῦ 2.100.000 δραχμῶν. Ὁ πρόεδρος ΘΕΟΧΑΡΗΣ ΘΕΟΔΟΥΛΙΔΗΣ

Ὁ Ἀνεξάρτητος Ὀργανισμός Ἐφοδιασμοῦ προκηρύσσει πρόχειρο μειοδοτικό διαγωνισμό γιά τήν προμήθεια εἰδῶν ἐνδύσεως καί ὑποδήσεως, συνολικῆς προϋπολογισθείσης δαπάνης 2.500.000 δραχμῶν. Ὁ διαγωνισμός θά γίνει στίς 5 Σεπτεμβρίου, ὥρα 11 π.μ. στά γραφεῖα τῆς ὑπηρεσίας. Πληροφορίες καί ἀντίγραφα τῆς διακηρύξεως παρέχονται κατά τίς ἐργάσιμες ἡμέρες καί ὧρες.

FILOTAS TOURS
ΡΟΔΟΣ 25—30/8
ΚΡΗΤΗ 31/7—6/8
Πλ. Ἱπποδρομίου 1. Τηλ. 231-322
Διαγωνισμούς Τραπεζῶν γιά 225 θέσεις
ΦΡΟΝΤΙΣΤΗΡΙΑ
ΑΚΑΔΗΜΟΣ
Ἀγ. Σοφίας 43. Τηλ. 226-317
ΕΚΔΡΟΜΗ ΣΤΗ ΡΟΔΟ
Ἀπό 26/7 ἕως 1/8
ΚΕΡΚΥΡΑ
Δρχ. 2.500 ὅλα ἐν ἀγορᾷ
VICTORIA TOURS
Δημ. Γούναρη 12, τηλ. 237-038
ΠΩΛΟΥΝΤΑΙ
150 κενά βαρέλια
μελάνης
ΠΛΗΡΟΦΟΡΙΑΙ:
521-621
κ. Μαυρουδῆν
ΣΥΝΕΧΕΣ ΩΡΑΡΙΟ ΖΗΤΟΥΝ ΤΑ ΜΕΛΗ ΟΙ ΕΚΠΡΟΣΩΠΟΙ ΜΕΓΑΛΩΝ ΚΑΤΑΣΤΗΜΑΤΩΝ

ΑΘΗΝΑ, 20.— Τήν καθιέρωση τοῦ συνεχοῦς ὡραρίου ζητοῦν μέ ὑπόμνημά τους πρός τό ὑπουργεῖο οἱ ἐκπρόσωποι τῶν μεγάλων καταστημάτων τῆς πρωτεύουσας.

ΑΘΗΝΑ, 20.— Τό διοικητικό συμβούλιο τῶν συλλόγων τῶν ἐργαζομένων στίς ἀσφαλιστικές ἑταιρίες ἀποφάσισε 24ωρη ἀπεργία γιά τήν προσεχῆ Τρίτη, σέ ἔνδειξη διαμαρτυρίας γιά τή μή ἱκανοποίηση τῶν αἰτημάτων τους. Τά αἰτήματα ἀναφέρονται στή χορήγηση αὐξήσεων καί στήν καθιέρωση πενθημέρου ἐργασίας. Σέ ἀνακοίνωση τῆς ὁμοσπονδίας τονίζεται ὅτι οἱ ἐργοδότες ἀρνοῦνται κάθε διάλογο.

ΖΗΤΕΙΤΑΙ ΝΑ ΟΝΟΜΑΣΘΕΙ Η ΑΣΚΛΗΠΙΕΙΑ ΤΟΥ ΔΗΜΟΤΙΚΟΥ ΝΟΣΟΚΟΜΕΙΟΥ ΤΟΥ ΠΕΙΡΑΙΑ

ΑΘΗΝΑ, 20.— Προβάλλεται τό αἴτημα νά ὀνομασθεῖ τό Δημοτικό Νοσοκομεῖο τοῦ Πειραιᾶ «Ἀσκληπιεῖο».

ΑΘΗΝΑ, 20.— Ο γενικός γραμματέας τῆς Διεθνοῦς Ὀλυμπιακῆς Ἐπιτροπῆς κ. Μόνικ Μπερλιού μίλησε σήμερα στή σύνοδο τῆς Ὀλυμπιακῆς Ἀκαδημίας στήν Ἀρχαία Ὀλυμπία γιά τό ρόλο τῶν νέων στήν ὀλυμπιακή κίνηση. Στίς ἐργασίες παίρνουν μέρος ἐκπρόσωποι ἀπό 45 χῶρες. Ἡ σύνοδος θά ὁλοκληρωθεῖ στίς 28 Αὐγούστου.

ΣΥΝΟΔΟΙ ΚΑΙ ΦΡΟΝΤΙΣΤΕΣ ΖΗΤΟΥΝ ΙΚΑΝΟΠΟΙΗΣΗ ΤΩΝ ΑΙΤΗΜΑΤΩΝ ΤΟΥΣ

ΑΘΗΝΑ, 20.— Ἡ ἕνωση συνοδῶν καί φροντιστῶν ζητεῖ τήν ἱκανοποίηση τῶν αἰτημάτων της.

Ἀντιπροσωπεία τῆς συνδικαλιστικῆς νεολαίας τῆς ΚΝΕ ἐπισκέφθηκε τό νομάρχη Θεσσαλονίκης καί τοῦ ἐξέθεσε τά προβλήματα τῶν νέων ἐργαζομένων τῆς περιοχῆς, ὅπως ἡ ἀνεργία, ἡ ἀπασχόληση ἀνηλίκων καί οἱ συνθῆκες ἐργασίας στά ἐργοστάσια τῆς βιομηχανικῆς περιοχῆς.

ΣΥΝΤΕΙΝΕΙ ΑΙΤΗΣΗ ΚΑΤΑ ΕΤΑΙΡΙΑΣ ΠΑΡΑΓΩΓΗΣ ΤΑΙΝΙΩΝ

ΑΘΗΝΑ, 20.— Στό ὑπουργεῖο ὑποβλήθηκε αἴτηση κατά ἑταιρίας παραγωγῆς ταινιῶν.

ΑΘΗΝΑ, 20.— Ἐγινε στό νεκροταφεῖο Καλαμακίου ἐπιμνημόσυνη δέηση γιά τούς Μαορί τῆς Νέας Ζηλανδίας πού ἔπεσαν στήν Ἑλλάδα κατά τό Β' Παγκόσμιο πόλεμο. Στήν τελετή παρευρέθηκαν ὁ πρέσβης τῆς Νέας Ζηλανδίας καί ἐκπρόσωποι τῶν ἀρχῶν.

ΔΙΑΣΩΘΗΚΕ ΑΠΟ ΠΝΙΓΜΟ ΜΙΑ ΒΟΧΡΩΝΗ

ΑΘΗΝΑ, 20.— Διασώθηκε ἀπό πνιγμό μιά νεαρή γυναίκα στήν παραλία τῆς Βοχρώνης.

ΑΘΗΝΑ, 20.— Ἀναχωρεῖ τό πλοῖο τοῦ Λιμενικοῦ Σώματος μέ τούς δοκίμους λιμενοφύλακες γιά ἐκπαιδευτικό πλοῦ στό Αἰγαῖο. Κατά τή διάρκεια τοῦ πλοῦ οἱ δόκιμοι θά ἐπισκεφθοῦν λιμάνια τῶν νησιῶν καί θά ἐκπαιδευθοῦν στήν ἔρευνα καί διάσωση.

ΠΡΟΑΓΩΓΕΣ ΔΑΚΤΥΛΟΓΡΑΦΩΝ ΥΠΟΥΡΓΕΙΟΥ ΓΕΩΡΓΙΑΣ

Μέ ὑπουργική ἀπόφαση προάγονται δακτυλογράφοι τοῦ ὑπουργείου Γεωργίας.

Ἡ πρυτανεία τοῦ Ἀριστοτελείου Πανεπιστημίου Θεσσαλονίκης ἀνακοινώνει ὅτι οἱ αἰτήσεις γιά τήν χορήγηση ὑποτροφιῶν ὑποβάλλονται μέχρι τέλους Σεπτεμβρίου. Πληροφορίες στό γραφεῖο φοιτητικῆς μερίμνης, τηλ. 991-121.

ΜΝΗΜΟΣΥΝΟ ΓΙΑ ΤΟΥΣ ΣΦΑΓΙΑΣΘΕΝΤΕΣ ΣΤΟ ΑΣΒΕΣΤΟΧΩΡΙ

Τελέσθηκε μνημόσυνο γιά τούς σφαγιασθέντες στό Ἀσβεστοχώρι.

ΚΑΘΟΡΙΣΜΟΣ ΧΩΡΟΥ ΑΝΕΓΕΡΣΕΩΣ ΓΥΜΝΑΣΙΟΥ ΣΤΟ ΠΡΑΙΟΚΑΣΤΡΟ

Καθορίσθηκε ὁ χῶρος ἀνεγέρσεως τοῦ γυμνασίου στό Πραιόκαστρο.

Μέ τήν ὑπ' ἀριθμ. 4562/77 ἀπόφαση τοῦ Πολυμελοῦς Πρωτοδικείου Θεσσαλονίκης κηρύχθηκε ἡ λύση τοῦ γάμου τῶν διαδίκων. Ὁ πληρεξούσιος δικηγόρος ΑΡ. ΚΟΥΤΣΟΜΗΤΡΟΠΟΥΛΟΣ

ΦΡΟΝΤΙΣΤΗΡΙΑ ΚΑΙ ΣΧΟΛΕΣ
ΦΡΟΝΤΙΣΤΗΡΙΑ ΚΑΙ ΣΧΟΛΕΣ
ΔΙΑΓΩΝΙΣΜΟΙ ΟΤΕ — ΤΡΑΠΕΖΩΝ — ΟΛΠ — ΔΕΗ. Ἐξέλιξη Ἀποτελεσματικοί Διδάσκουν ἔμπειροι καθηγηταί. Τηλέφωνο 221-511
ΦΡΟΝΤΙΣΤΗΡΙΑ ΑΓΓΛΙΚΩΝ
Γιάννη Ἐρμοῦ — Καρ. Διάκου 12. Τηλ. 228-981
ΦΡΟΝΤΙΣΤΗΡΙΑ ΠΑΛΛΑΔΙΩΝ
ΜΑΝΤΟΥΔΙΑΔΗΣ — Γρηγ. Ποστ. 5, τηλ. 276-377
